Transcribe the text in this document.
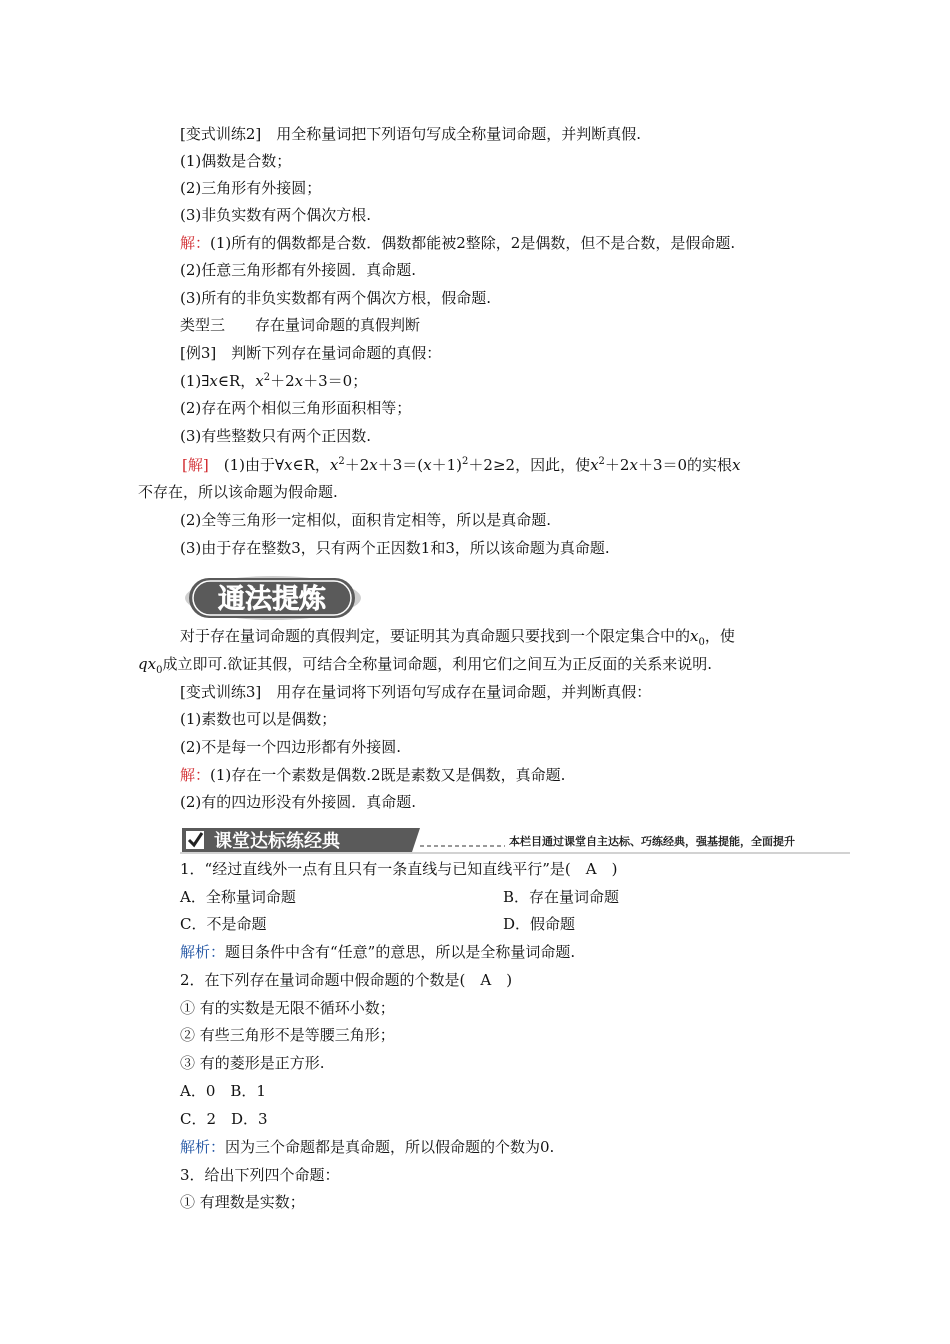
[变式训练2]　用全称量词把下列语句写成全称量词命题，并判断真假.
(1)偶数是合数；
(2)三角形有外接圆；
(3)非负实数有两个偶次方根.
解：(1)所有的偶数都是合数．偶数都能被2整除，2是偶数，但不是合数，是假命题.
(2)任意三角形都有外接圆．真命题.
(3)所有的非负实数都有两个偶次方根，假命题.
类型三　　存在量词命题的真假判断
[例3]　判断下列存在量词命题的真假：
(1)∃x∈R，$x^2+2x+3=0$；
(2)存在两个相似三角形面积相等；
(3)有些整数只有两个正因数.
[解]　(1)由于∀x∈R，$x^2+2x+3=(x+1)^2+2\ge 2$，因此，使$x^2+2x+3=0$的实根x
不存在，所以该命题为假命题.
(2)全等三角形一定相似，面积肯定相等，所以是真命题.
(3)由于存在整数3，只有两个正因数1和3，所以该命题为真命题.
通法提炼
对于存在量词命题的真假判定，要证明其为真命题只要找到一个限定集合中的$x_0$，使
$qx_0$成立即可.欲证其假，可结合全称量词命题，利用它们之间互为正反面的关系来说明.
[变式训练3]　用存在量词将下列语句写成存在量词命题，并判断真假：
(1)素数也可以是偶数；
(2)不是每一个四边形都有外接圆.
解：(1)存在一个素数是偶数.2既是素数又是偶数，真命题.
(2)有的四边形没有外接圆．真命题.
课堂达标练经典	本栏目通过课堂自主达标、巧练经典，强基提能，全面提升
1．“经过直线外一点有且只有一条直线与已知直线平行”是(　A　)
A．全称量词命题	B．存在量词命题
C．不是命题	D．假命题
解析：题目条件中含有“任意”的意思，所以是全称量词命题.
2．在下列存在量词命题中假命题的个数是(　A　)
① 有的实数是无限不循环小数；
② 有些三角形不是等腰三角形；
③ 有的菱形是正方形.
A．0　B．1
C．2　D．3
解析：因为三个命题都是真命题，所以假命题的个数为0.
3．给出下列四个命题：
① 有理数是实数；
